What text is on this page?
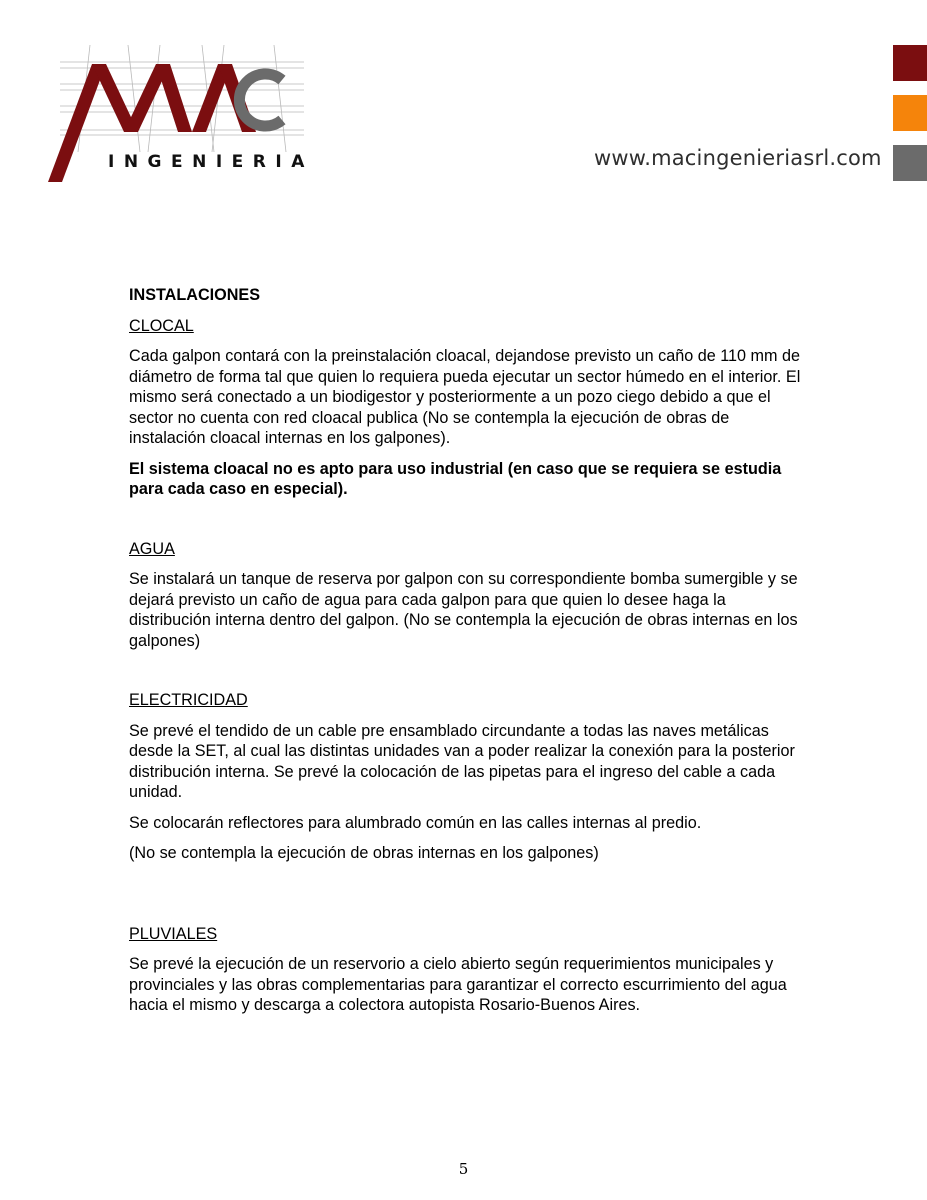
INGENIERIA	www.macingenieriasrl.com
INSTALACIONES
CLOCAL

Cada galpon contará con la preinstalación cloacal, dejandose previsto un caño de 110 mm de diámetro de forma tal que quien lo requiera pueda ejecutar un sector húmedo en el interior. El mismo será conectado a un biodigestor y posteriormente a un pozo ciego debido a que el sector no cuenta con red cloacal publica (No se contempla la ejecución de obras de instalación cloacal internas en los galpones).

El sistema cloacal no es apto para uso industrial (en caso que se requiera se estudia para cada caso en especial).

AGUA

Se instalará un tanque de reserva por galpon con su correspondiente bomba sumergible y se dejará previsto un caño de agua para cada galpon para que quien lo desee haga la distribución interna dentro del galpon. (No se contempla la ejecución de obras internas en los galpones)

ELECTRICIDAD

Se prevé el tendido de un cable pre ensamblado circundante a todas las naves metálicas desde la SET, al cual las distintas unidades van a poder realizar la conexión para la posterior distribución interna. Se prevé la colocación de las pipetas para el ingreso del cable a cada unidad.

Se colocarán reflectores para alumbrado común en las calles internas al predio.

(No se contempla la ejecución de obras internas en los galpones)

PLUVIALES

Se prevé la ejecución de un reservorio a cielo abierto según requerimientos municipales y provinciales y las obras complementarias para garantizar el correcto escurrimiento del agua hacia el mismo y descarga a colectora autopista Rosario-Buenos Aires.

5
